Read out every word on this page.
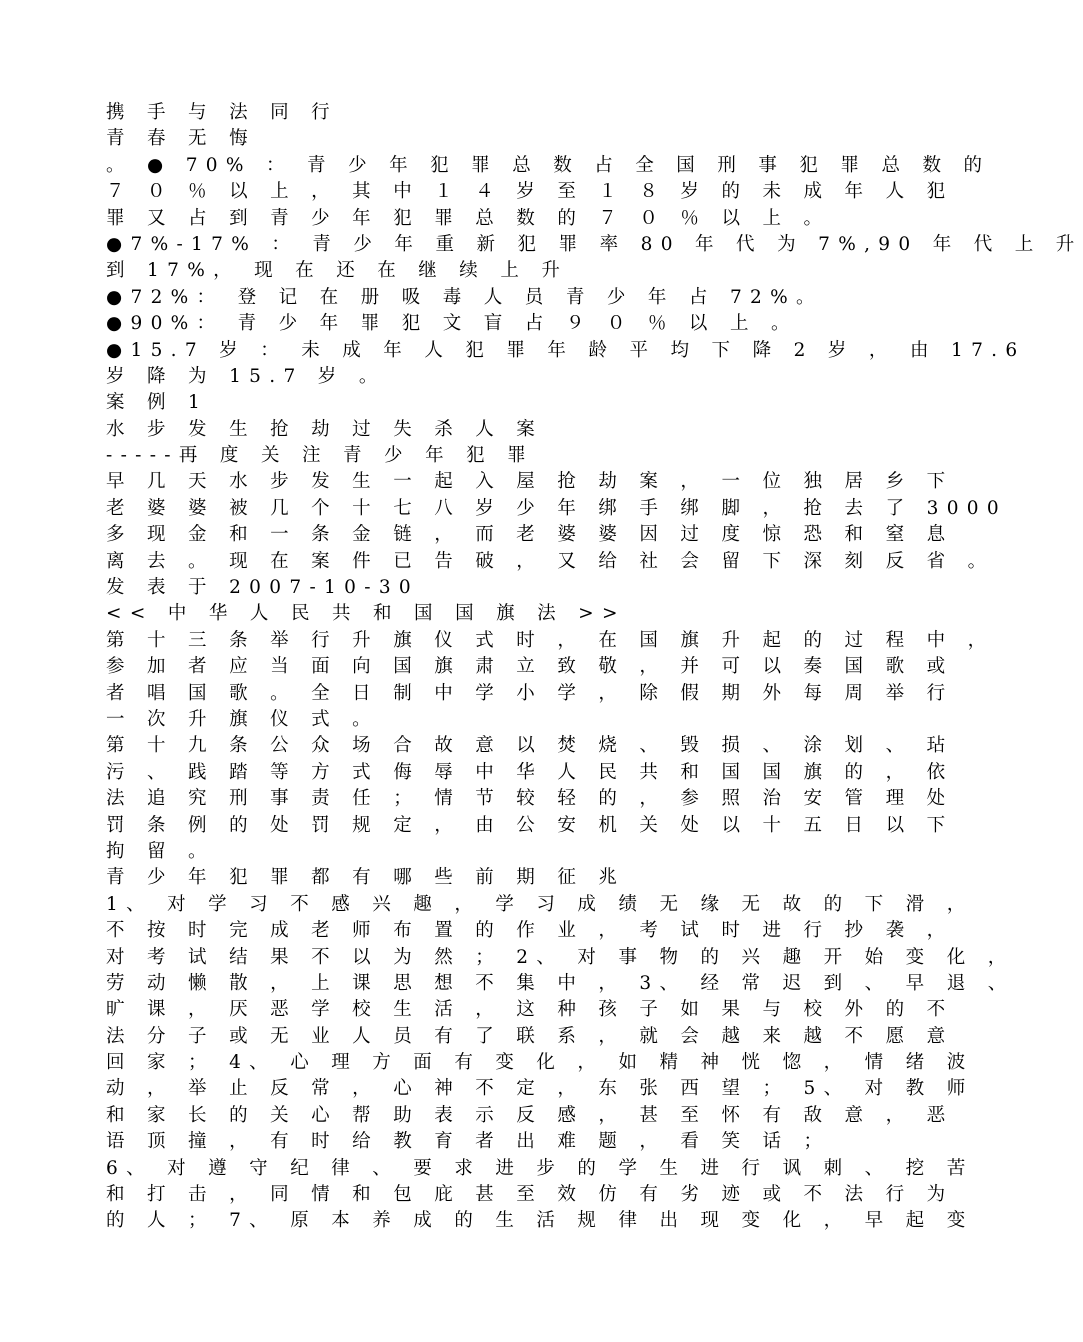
携 手 与 法 同 行
青 春 无 悔
。 ● 70% ： 青 少 年 犯 罪 总 数 占 全 国 刑 事 犯 罪 总 数 的
７ ０ ％ 以 上 ， 其 中 １ ４ 岁 至 １ ８ 岁 的 未 成 年 人 犯
罪 又 占 到 青 少 年 犯 罪 总 数 的 ７ ０ ％ 以 上 。
●7%-17% ： 青 少 年 重 新 犯 罪 率 80 年 代 为 7%,90 年 代 上 升
到 17%， 现 在 还 在 继 续 上 升
●72%： 登 记 在 册 吸 毒 人 员 青 少 年 占 72%。
●90%： 青 少 年 罪 犯 文 盲 占 ９ ０ ％ 以 上 。
●15.7 岁 ： 未 成 年 人 犯 罪 年 龄 平 均 下 降 2 岁 ， 由 17.6
岁 降 为 15.7 岁 。
案 例 1
水 步 发 生 抢 劫 过 失 杀 人 案
-----再 度 关 注 青 少 年 犯 罪
早 几 天 水 步 发 生 一 起 入 屋 抢 劫 案 ， 一 位 独 居 乡 下
老 婆 婆 被 几 个 十 七 八 岁 少 年 绑 手 绑 脚 ， 抢 去 了 3000
多 现 金 和 一 条 金 链 ， 而 老 婆 婆 因 过 度 惊 恐 和 窒 息
离 去 。 现 在 案 件 已 告 破 ， 又 给 社 会 留 下 深 刻 反 省 。
发 表 于 2007-10-30
<< 中 华 人 民 共 和 国 国 旗 法 >>
第 十 三 条 举 行 升 旗 仪 式 时 ， 在 国 旗 升 起 的 过 程 中 ，
参 加 者 应 当 面 向 国 旗 肃 立 致 敬 ， 并 可 以 奏 国 歌 或
者 唱 国 歌 。 全 日 制 中 学 小 学 ， 除 假 期 外 每 周 举 行
一 次 升 旗 仪 式 。
第 十 九 条 公 众 场 合 故 意 以 焚 烧 、 毁 损 、 涂 划 、 玷
污 、 践 踏 等 方 式 侮 辱 中 华 人 民 共 和 国 国 旗 的 ， 依
法 追 究 刑 事 责 任 ； 情 节 较 轻 的 ， 参 照 治 安 管 理 处
罚 条 例 的 处 罚 规 定 ， 由 公 安 机 关 处 以 十 五 日 以 下
拘 留 。
青 少 年 犯 罪 都 有 哪 些 前 期 征 兆
1、 对 学 习 不 感 兴 趣 ， 学 习 成 绩 无 缘 无 故 的 下 滑 ，
不 按 时 完 成 老 师 布 置 的 作 业 ， 考 试 时 进 行 抄 袭 ，
对 考 试 结 果 不 以 为 然 ； 2、 对 事 物 的 兴 趣 开 始 变 化 ，
劳 动 懒 散 ， 上 课 思 想 不 集 中 ， 3、 经 常 迟 到 、 早 退 、
旷 课 ， 厌 恶 学 校 生 活 ， 这 种 孩 子 如 果 与 校 外 的 不
法 分 子 或 无 业 人 员 有 了 联 系 ， 就 会 越 来 越 不 愿 意
回 家 ； 4、 心 理 方 面 有 变 化 ， 如 精 神 恍 惚 ， 情 绪 波
动 ， 举 止 反 常 ， 心 神 不 定 ， 东 张 西 望 ； 5、 对 教 师
和 家 长 的 关 心 帮 助 表 示 反 感 ， 甚 至 怀 有 敌 意 ， 恶
语 顶 撞 ， 有 时 给 教 育 者 出 难 题 ， 看 笑 话 ；
6、 对 遵 守 纪 律 、 要 求 进 步 的 学 生 进 行 讽 刺 、 挖 苦
和 打 击 ， 同 情 和 包 庇 甚 至 效 仿 有 劣 迹 或 不 法 行 为
的 人 ； 7、 原 本 养 成 的 生 活 规 律 出 现 变 化 ， 早 起 变
